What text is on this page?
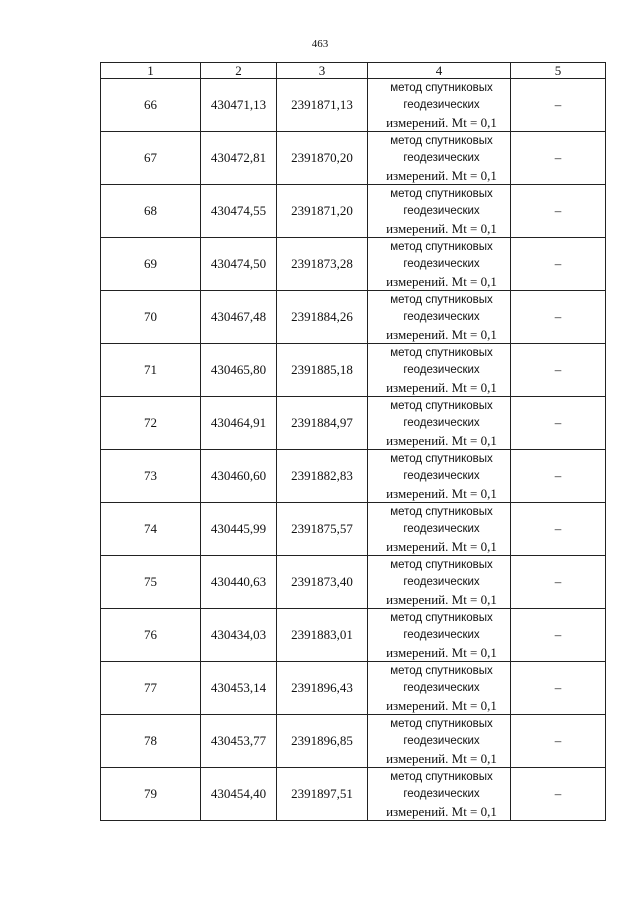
463
1	2	3	4	5
66	430471,13	2391871,13	метод спутниковых
геодезических
измерений. Mt = 0,1	–
67	430472,81	2391870,20	метод спутниковых
геодезических
измерений. Mt = 0,1	–
68	430474,55	2391871,20	метод спутниковых
геодезических
измерений. Mt = 0,1	–
69	430474,50	2391873,28	метод спутниковых
геодезических
измерений. Mt = 0,1	–
70	430467,48	2391884,26	метод спутниковых
геодезических
измерений. Mt = 0,1	–
71	430465,80	2391885,18	метод спутниковых
геодезических
измерений. Mt = 0,1	–
72	430464,91	2391884,97	метод спутниковых
геодезических
измерений. Mt = 0,1	–
73	430460,60	2391882,83	метод спутниковых
геодезических
измерений. Mt = 0,1	–
74	430445,99	2391875,57	метод спутниковых
геодезических
измерений. Mt = 0,1	–
75	430440,63	2391873,40	метод спутниковых
геодезических
измерений. Mt = 0,1	–
76	430434,03	2391883,01	метод спутниковых
геодезических
измерений. Mt = 0,1	–
77	430453,14	2391896,43	метод спутниковых
геодезических
измерений. Mt = 0,1	–
78	430453,77	2391896,85	метод спутниковых
геодезических
измерений. Mt = 0,1	–
79	430454,40	2391897,51	метод спутниковых
геодезических
измерений. Mt = 0,1	–
